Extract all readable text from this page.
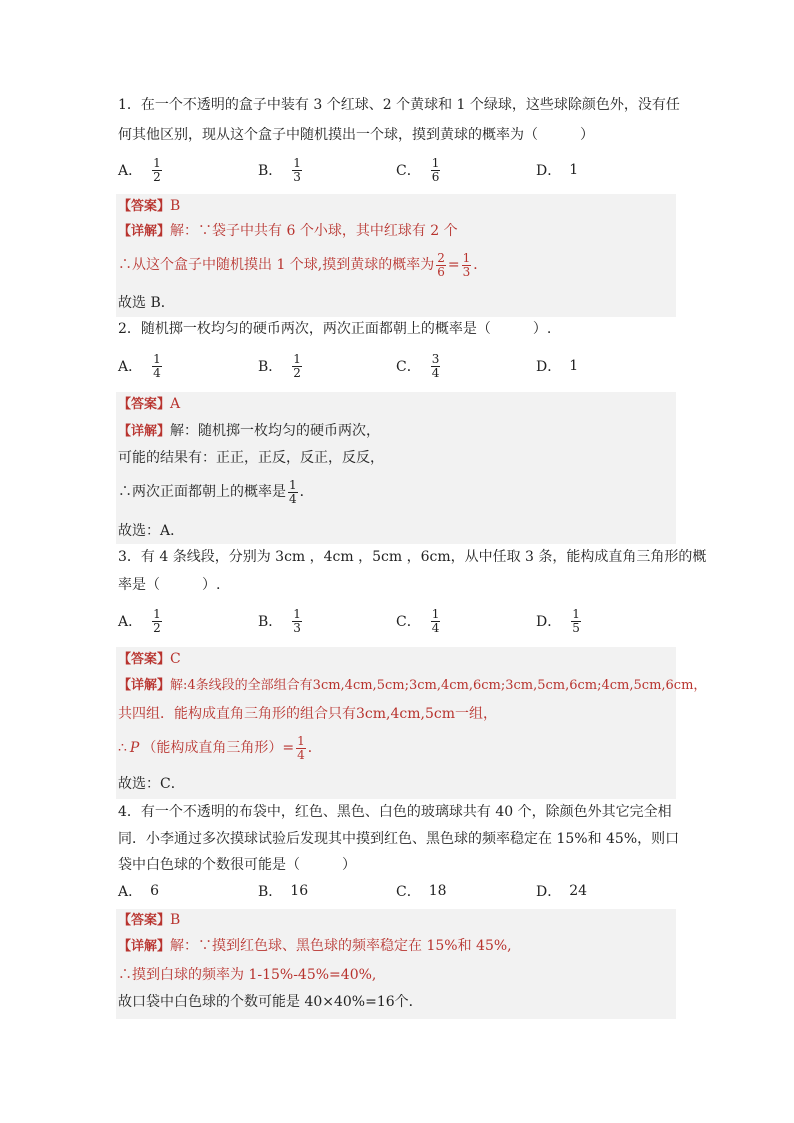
1．在一个不透明的盒子中装有 3 个红球、2 个黄球和 1 个绿球，这些球除颜色外，没有任
何其他区别，现从这个盒子中随机摸出一个球，摸到黄球的概率为（　　　）
A． $\frac{1}{2}$	B． $\frac{1}{3}$	C． $\frac{1}{6}$	D． 1
【答案】B
【详解】解：∵袋子中共有 6 个小球，其中红球有 2 个
∴从这个盒子中随机摸出 1 个球,摸到黄球的概率为 $\frac{2}{6} = \frac{1}{3}$ ．
故选 B．
2．随机掷一枚均匀的硬币两次，两次正面都朝上的概率是（　　　）.
A． $\frac{1}{4}$	B． $\frac{1}{2}$	C． $\frac{3}{4}$	D． 1
【答案】A
【详解】解：随机掷一枚均匀的硬币两次，
可能的结果有：正正，正反，反正，反反，
∴两次正面都朝上的概率是 $\frac{1}{4}$ ．
故选：A．
3．有 4 条线段，分别为 3cm ，4cm ，5cm ，6cm，从中任取 3 条，能构成直角三角形的概
率是（　　　）.
A． $\frac{1}{2}$	B． $\frac{1}{3}$	C． $\frac{1}{4}$	D． $\frac{1}{5}$
【答案】C
【详解】解:4条线段的全部组合有3cm,4cm,5cm;3cm,4cm,6cm;3cm,5cm,6cm;4cm,5cm,6cm，
共四组．能构成直角三角形的组合只有3cm,4cm,5cm一组，
∴ P （能构成直角三角形）= $\frac{1}{4}$ ．
故选：C．
4．有一个不透明的布袋中，红色、黑色、白色的玻璃球共有 40 个，除颜色外其它完全相
同．小李通过多次摸球试验后发现其中摸到红色、黑色球的频率稳定在 15%和 45%，则口
袋中白色球的个数很可能是（　　　）
A． 6	B． 16	C． 18	D． 24
【答案】B
【详解】解：∵摸到红色球、黑色球的频率稳定在 15%和 45%,
∴摸到白球的频率为 1-15%-45%=40%,
故口袋中白色球的个数可能是 40×40%=16个．
